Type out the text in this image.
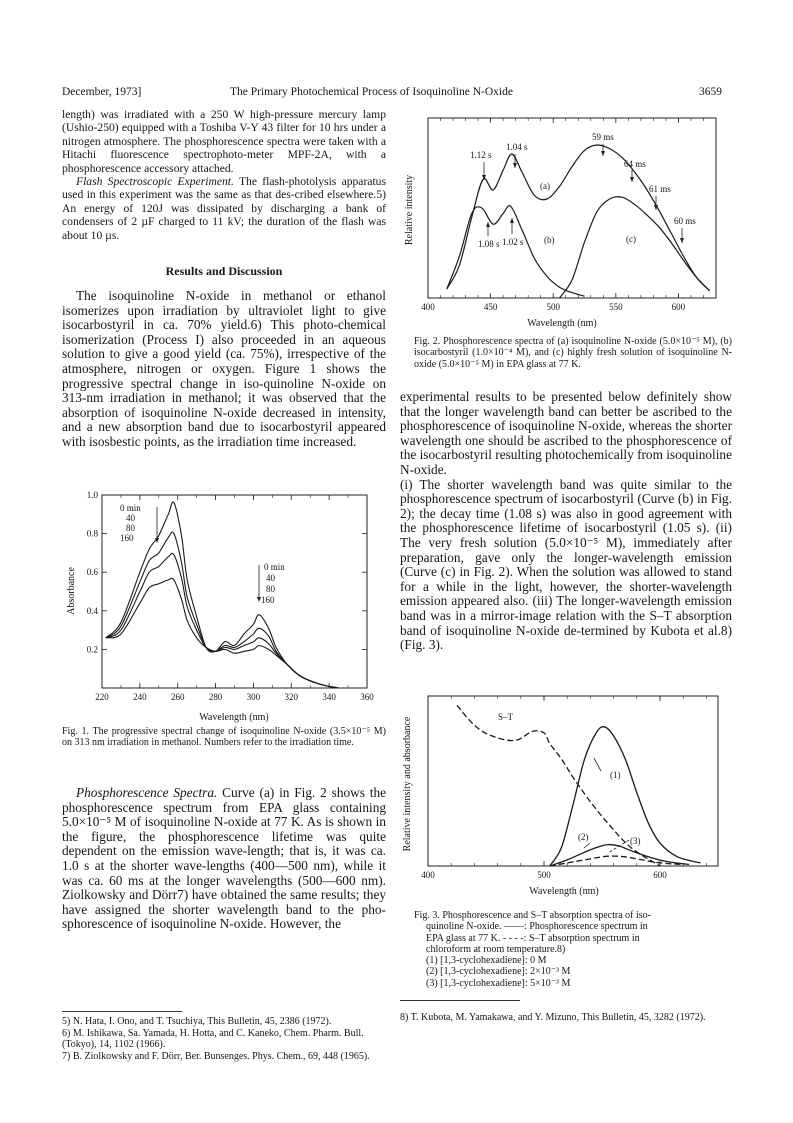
December, 1973]	The Primary Photochemical Process of Isoquinoline N-Oxide	3659

length) was irradiated with a 250 W high-pressure mercury lamp (Ushio-250) equipped with a Toshiba V-Y 43 filter for 10 hrs under a nitrogen atmosphere. The phosphorescence spectra were taken with a Hitachi fluorescence spectrophoto-meter MPF-2A, with a phosphorescence accessory attached.

Flash Spectroscopic Experiment. The flash-photolysis apparatus used in this experiment was the same as that des-cribed elsewhere.5) An energy of 120J was dissipated by discharging a bank of condensers of 2 µF charged to 11 kV; the duration of the flash was about 10 µs.

Results and Discussion

The isoquinoline N-oxide in methanol or ethanol isomerizes upon irradiation by ultraviolet light to give isocarbostyril in ca. 70% yield.6) This photo-chemical isomerization (Process I) also proceeded in an aqueous solution to give a good yield (ca. 75%), irrespective of the atmosphere, nitrogen or oxygen. Figure 1 shows the progressive spectral change in iso-quinoline N-oxide on 313-nm irradiation in methanol; it was observed that the absorption of isoquinoline N-oxide decreased in intensity, and a new absorption band due to isocarbostyril appeared with isosbestic points, as the irradiation time increased.

220	240	260	280	300	320	340	360
0.2
0.4
0.6
0.8
1.0
0 min
40
80
160
0 min
40
80
160
Absorbance
Wavelength (nm)
Fig. 1. The progressive spectral change of isoquinoline N-oxide (3.5×10⁻⁵ M) on 313 nm irradiation in methanol. Numbers refer to the irradiation time.

Phosphorescence Spectra. Curve (a) in Fig. 2 shows the phosphorescence spectrum from EPA glass containing 5.0×10⁻⁵ M of isoquinoline N-oxide at 77 K. As is shown in the figure, the phosphorescence lifetime was quite dependent on the emission wave-length; that is, it was ca. 1.0 s at the shorter wave-lengths (400—500 nm), while it was ca. 60 ms at the longer wavelengths (500—600 nm). Ziolkowsky and Dörr7) have obtained the same results; they have assigned the shorter wavelength band to the pho-sphorescence of isoquinoline N-oxide. However, the

5) N. Hata, I. Ono, and T. Tsuchiya, This Bulletin, 45, 2386 (1972).

6) M. Ishikawa, Sa. Yamada, H. Hotta, and C. Kaneko, Chem. Pharm. Bull. (Tokyo), 14, 1102 (1966).

7) B. Ziolkowsky and F. Dörr, Ber. Bunsenges. Phys. Chem., 69, 448 (1965).

400	450	500	550	600
1.12 s
1.04 s
59 ms
64 ms
61 ms
60 ms
1.08 s 1.02 s
(a)
(b)	(c)
Relative intensity
Wavelength (nm)
Fig. 2. Phosphorescence spectra of (a) isoquinoline N-oxide (5.0×10⁻⁵ M), (b) isocarbostyril (1.0×10⁻⁴ M), and (c) highly fresh solution of isoquinoline N-oxide (5.0×10⁻⁵ M) in EPA glass at 77 K.

experimental results to be presented below definitely show that the longer wavelength band can better be ascribed to the phosphorescence of isoquinoline N-oxide, whereas the shorter wavelength one should be ascribed to the phosphorescence of the isocarbostyril resulting photochemically from isoquinoline N-oxide.

(i) The shorter wavelength band was quite similar to the phosphorescence spectrum of isocarbostyril (Curve (b) in Fig. 2); the decay time (1.08 s) was also in good agreement with the phosphorescence lifetime of isocarbostyril (1.05 s). (ii) The very fresh solution (5.0×10⁻⁵ M), immediately after preparation, gave only the longer-wavelength emission (Curve (c) in Fig. 2). When the solution was allowed to stand for a while in the light, however, the shorter-wavelength emission appeared also. (iii) The longer-wavelength emission band was in a mirror-image relation with the S–T absorption band of isoquinoline N-oxide de-termined by Kubota et al.8) (Fig. 3).

400	500	600
S–T
(1)
(2)	(3)
Relative intensity and absorbance
Wavelength (nm)
Fig. 3. Phosphorescence and S–T absorption spectra of iso-
quinoline N-oxide. ——: Phosphorescence spectrum in
EPA glass at 77 K. - - - -: S–T absorption spectrum in
chloroform at room temperature.8)
(1) [1,3-cyclohexadiene]: 0 M
(2) [1,3-cyclohexadiene]: 2×10⁻³ M
(3) [1,3-cyclohexadiene]: 5×10⁻³ M
8) T. Kubota, M. Yamakawa, and Y. Mizuno, This Bulletin, 45, 3282 (1972).
